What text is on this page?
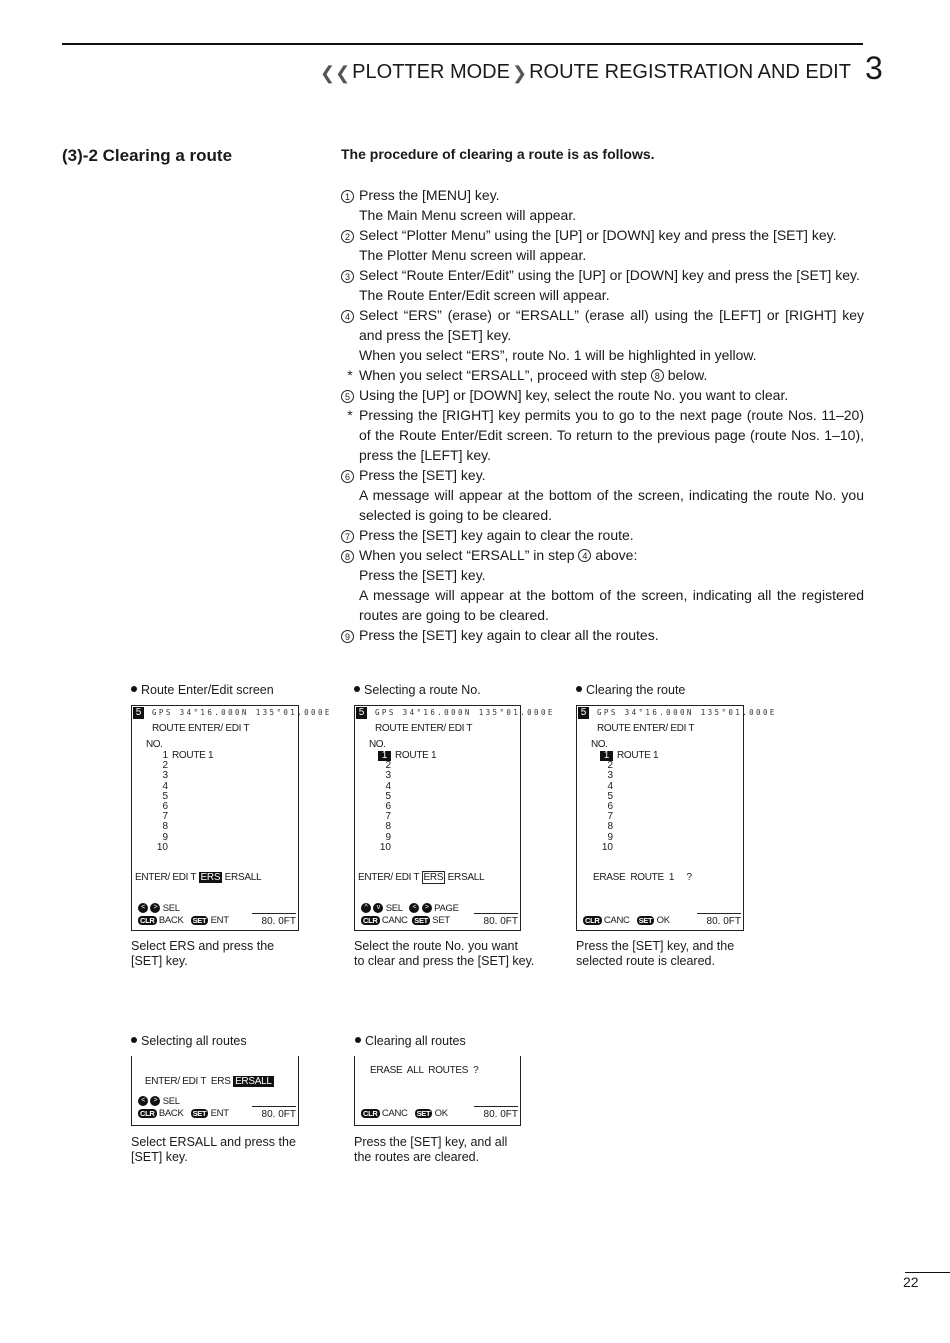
❮❮ PLOTTER MODE ❯ ROUTE REGISTRATION AND EDIT 3
(3)-2 Clearing a route	The procedure of clearing a route is as follows.
1 Press the [MENU] key.
The Main Menu screen will appear.
2 Select “Plotter Menu” using the [UP] or [DOWN] key and press the [SET] key.
The Plotter Menu screen will appear.
3 Select “Route Enter/Edit” using the [UP] or [DOWN] key and press the [SET] key.
The Route Enter/Edit screen will appear.
4 Select “ERS” (erase) or “ERSALL” (erase all) using the [LEFT] or [RIGHT] key and press the [SET] key.
When you select “ERS”, route No. 1 will be highlighted in yellow.
* When you select “ERSALL”, proceed with step 8 below.
5 Using the [UP] or [DOWN] key, select the route No. you want to clear.
* Pressing the [RIGHT] key permits you to go to the next page (route Nos. 11–20) of the Route Enter/Edit screen. To return to the previous page (route Nos. 1–10), press the [LEFT] key.
6 Press the [SET] key.
A message will appear at the bottom of the screen, indicating the route No. you selected is going to be cleared.
7 Press the [SET] key again to clear the route.
8 When you select “ERSALL” in step 4 above:
Press the [SET] key.
A message will appear at the bottom of the screen, indicating all the registered routes are going to be cleared.
9 Press the [SET] key again to clear all the routes.
Route Enter/Edit screen
5	GPS 34°16.000N 135°01.000E
ROUTE ENTER/ EDI T
NO.
1
2
3
4
5
6
7
8
9
10
ROUTE 1
ENTER/ EDI T ERS ERSALL
< > SEL
CLR BACK SET ENT	80. 0FT
Select ERS and press the
[SET] key.
Selecting a route No.
5	GPS 34°16.000N 135°01.000E
ROUTE ENTER/ EDI T
NO.
1
2
3
4
5
6
7
8
9
10
ROUTE 1
ENTER/ EDI T ERS ERSALL
^ v SEL < > PAGE
CLR CANC SET SET	80. 0FT
Select the route No. you want
to clear and press the [SET] key.
Clearing the route
5	GPS 34°16.000N 135°01.000E
ROUTE ENTER/ EDI T
NO.
1
2
3
4
5
6
7
8
9
10
ROUTE 1
ERASE  ROUTE  1     ?
CLR CANC SET OK	80. 0FT
Press the [SET] key, and the
selected route is cleared.
Selecting all routes

ENTER/ EDI T  ERS ERSALL

< > SEL
CLR BACK SET ENT	80. 0FT
Select ERSALL and press the
[SET] key.
Clearing all routes
ERASE  ALL  ROUTES  ?
CLR CANC SET OK	80. 0FT
Press the [SET] key, and all
the routes are cleared.
22
